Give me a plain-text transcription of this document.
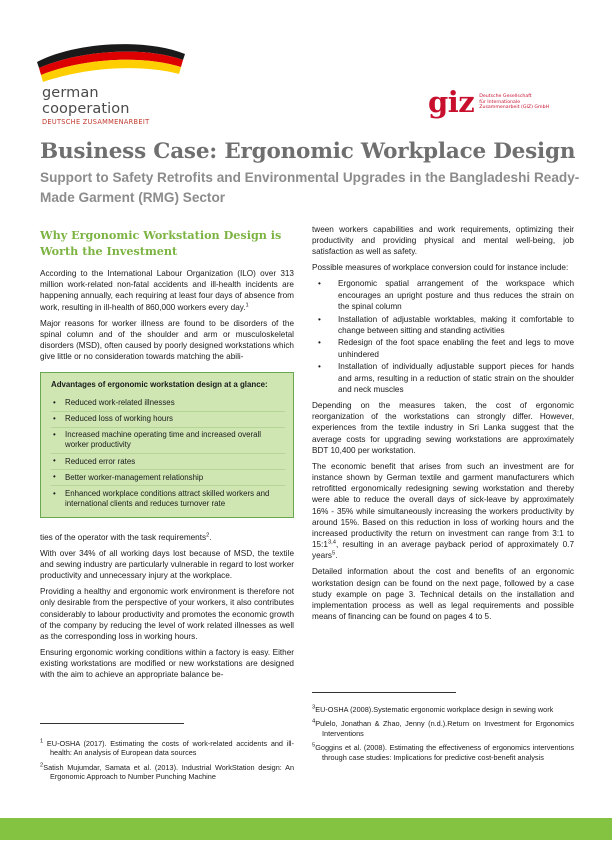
german
cooperation
DEUTSCHE ZUSAMMENARBEIT
giz Deutsche Gesellschaft
für Internationale
Zusammenarbeit (GIZ) GmbH
Business Case: Ergonomic Workplace Design
Support to Safety Retrofits and Environmental Upgrades in the Bangladeshi Ready-Made Garment (RMG) Sector
Why Ergonomic Workstation Design is Worth the Investment

According to the International Labour Organization (ILO) over 313 million work-related non-fatal accidents and ill-health incidents are happening annually, each requiring at least four days of absence from work, resulting in ill-health of 860,000 workers every day.$^1$

Major reasons for worker illness are found to be disorders of the spinal column and of the shoulder and arm or musculoskeletal disorders (MSD), often caused by poorly designed workstations which give little or no consideration towards matching the abili-

Advantages of ergonomic workstation design at a glance:
• Reduced work-related illnesses
• Reduced loss of working hours
• Increased machine operating time and increased overall worker productivity
• Reduced error rates
• Better worker-management relationship
• Enhanced workplace conditions attract skilled workers and international clients and reduces turnover rate

ties of the operator with the task requirements$^2$.

With over 34% of all working days lost because of MSD, the textile and sewing industry are particularly vulnerable in regard to lost worker productivity and unnecessary injury at the workplace.

Providing a healthy and ergonomic work environment is therefore not only desirable from the perspective of your workers, it also contributes considerably to labour productivity and promotes the economic growth of the company by reducing the level of work related illnesses as well as the corresponding loss in working hours.

Ensuring ergonomic working conditions within a factory is easy. Either existing workstations are modified or new workstations are designed with the aim to achieve an appropriate balance be-

tween workers capabilities and work requirements, optimizing their productivity and providing physical and mental well-being, job satisfaction as well as safety.

Possible measures of workplace conversion could for instance include:

• Ergonomic spatial arrangement of the workspace which encourages an upright posture and thus reduces the strain on the spinal column
• Installation of adjustable worktables, making it comfortable to change between sitting and standing activities
• Redesign of the foot space enabling the feet and legs to move unhindered
• Installation of individually adjustable support pieces for hands and arms, resulting in a reduction of static strain on the shoulder and neck muscles

Depending on the measures taken, the cost of ergonomic reorganization of the workstations can strongly differ. However, experiences from the textile industry in Sri Lanka suggest that the average costs for upgrading sewing workstations are approximately BDT 10,400 per workstation.

The economic benefit that arises from such an investment are for instance shown by German textile and garment manufacturers which retrofitted ergonomically redesigning sewing workstation and thereby were able to reduce the overall days of sick-leave by approximately 16% - 35% while simultaneously increasing the workers productivity by around 15%. Based on this reduction in loss of working hours and the increased productivity the return on investment can range from 3:1 to 15:1$^{3,4}$, resulting in an average payback period of approximately 0.7 years$^5$.

Detailed information about the cost and benefits of an ergonomic workstation design can be found on the next page, followed by a case study example on page 3. Technical details on the installation and implementation process as well as legal requirements and possible means of financing can be found on pages 4 to 5.

$^1$ EU-OSHA (2017). Estimating the costs of work-related accidents and ill-health: An analysis of European data sources
$^2$Satish Mujumdar, Samata et al. (2013). Industrial WorkStation design: An Ergonomic Approach to Number Punching Machine
$^3$EU-OSHA (2008).Systematic ergonomic workplace design in sewing work
$^4$Pulelo, Jonathan & Zhao, Jenny (n.d.).Return on Investment for Ergonomics Interventions
$^5$Goggins et al. (2008). Estimating the effectiveness of ergonomics interventions through case studies: Implications for predictive cost-benefit analysis
